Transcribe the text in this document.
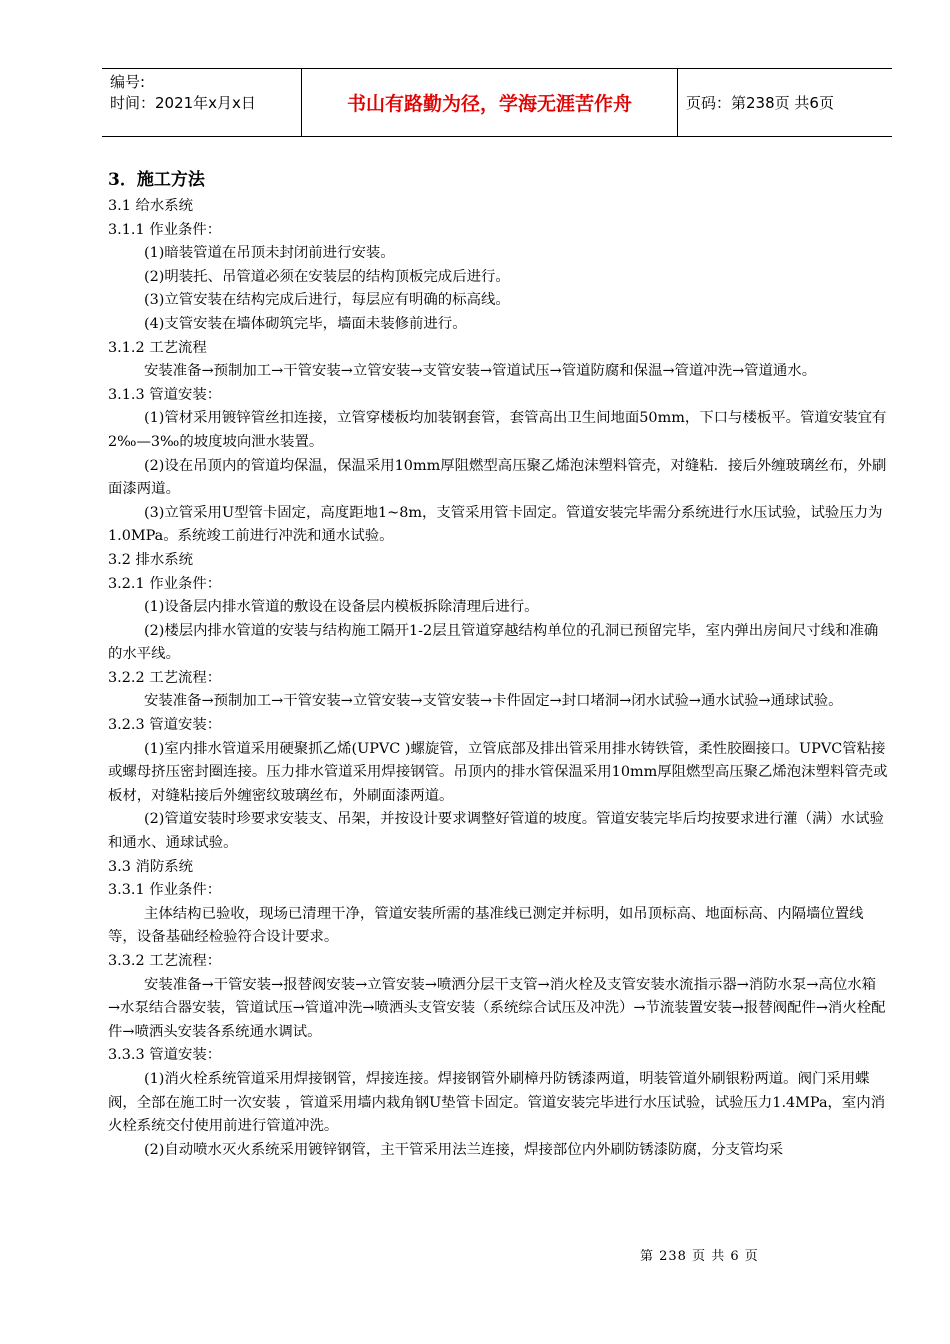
编号:
时间：2021年x月x日	书山有路勤为径，学海无涯苦作舟	页码：第238页 共6页

3．施工方法

3.1 给水系统

3.1.1 作业条件：

(1)暗装管道在吊顶未封闭前进行安装。

(2)明装托、吊管道必须在安装层的结构顶板完成后进行。

(3)立管安装在结构完成后进行，每层应有明确的标高线。

(4)支管安装在墙体砌筑完毕，墙面未装修前进行。

3.1.2 工艺流程

安装准备→预制加工→干管安装→立管安装→支管安装→管道试压→管道防腐和保温→管道冲洗→管道通水。

3.1.3 管道安装：

(1)管材采用镀锌管丝扣连接，立管穿楼板均加装钢套管，套管高出卫生间地面50mm，下口与楼板平。管道安装宜有2‰—3‰的坡度坡向泄水装置。

(2)设在吊顶内的管道均保温，保温采用10mm厚阻燃型高压聚乙烯泡沫塑料管壳，对缝粘．接后外缠玻璃丝布，外刷面漆两道。

(3)立管采用U型管卡固定，高度距地1~8m，支管采用管卡固定。管道安装完毕需分系统进行水压试验，试验压力为1.0MPa。系统竣工前进行冲洗和通水试验。

3.2 排水系统

3.2.1 作业条件：

(1)设备层内排水管道的敷设在设备层内模板拆除清理后进行。

(2)楼层内排水管道的安装与结构施工隔开1-2层且管道穿越结构单位的孔洞已预留完毕，室内弹出房间尺寸线和准确的水平线。

3.2.2 工艺流程：

安装准备→预制加工→干管安装→立管安装→支管安装→卡件固定→封口堵洞→闭水试验→通水试验→通球试验。

3.2.3 管道安装：

(1)室内排水管道采用硬聚抓乙烯(UPVC )螺旋管，立管底部及排出管采用排水铸铁管，柔性胶圈接口。UPVC管粘接或螺母挤压密封圈连接。压力排水管道采用焊接钢管。吊顶内的排水管保温采用10mm厚阻燃型高压聚乙烯泡沫塑料管壳或板材，对缝粘接后外缠密纹玻璃丝布，外刷面漆两道。

(2)管道安装时珍要求安装支、吊架，并按设计要求调整好管道的坡度。管道安装完毕后均按要求进行灌（满）水试验和通水、通球试验。

3.3 消防系统

3.3.1 作业条件：

主体结构已验收，现场已清理干净，管道安装所需的基准线已测定并标明，如吊顶标高、地面标高、内隔墙位置线等，设备基础经检验符合设计要求。

3.3.2 工艺流程：

安装准备→干管安装→报替阀安装→立管安装→喷洒分层干支管→消火栓及支管安装水流指示器→消防水泵→高位水箱→水泵结合器安装，管道试压→管道冲洗→喷洒头支管安装（系统综合试压及冲洗）→节流装置安装→报替阀配件→消火栓配件→喷洒头安装各系统通水调试。

3.3.3 管道安装：

(1)消火栓系统管道采用焊接钢管，焊接连接。焊接钢管外刷樟丹防锈漆两道，明装管道外刷银粉两道。阀门采用蝶阀，全部在施工时一次安装 ，管道采用墙内栽角钢U垫管卡固定。管道安装完毕进行水压试验，试验压力1.4MPa，室内消火栓系统交付使用前进行管道冲洗。

(2)自动喷水灭火系统采用镀锌钢管，主干管采用法兰连接，焊接部位内外刷防锈漆防腐，分支管均采

第 238 页 共 6 页
